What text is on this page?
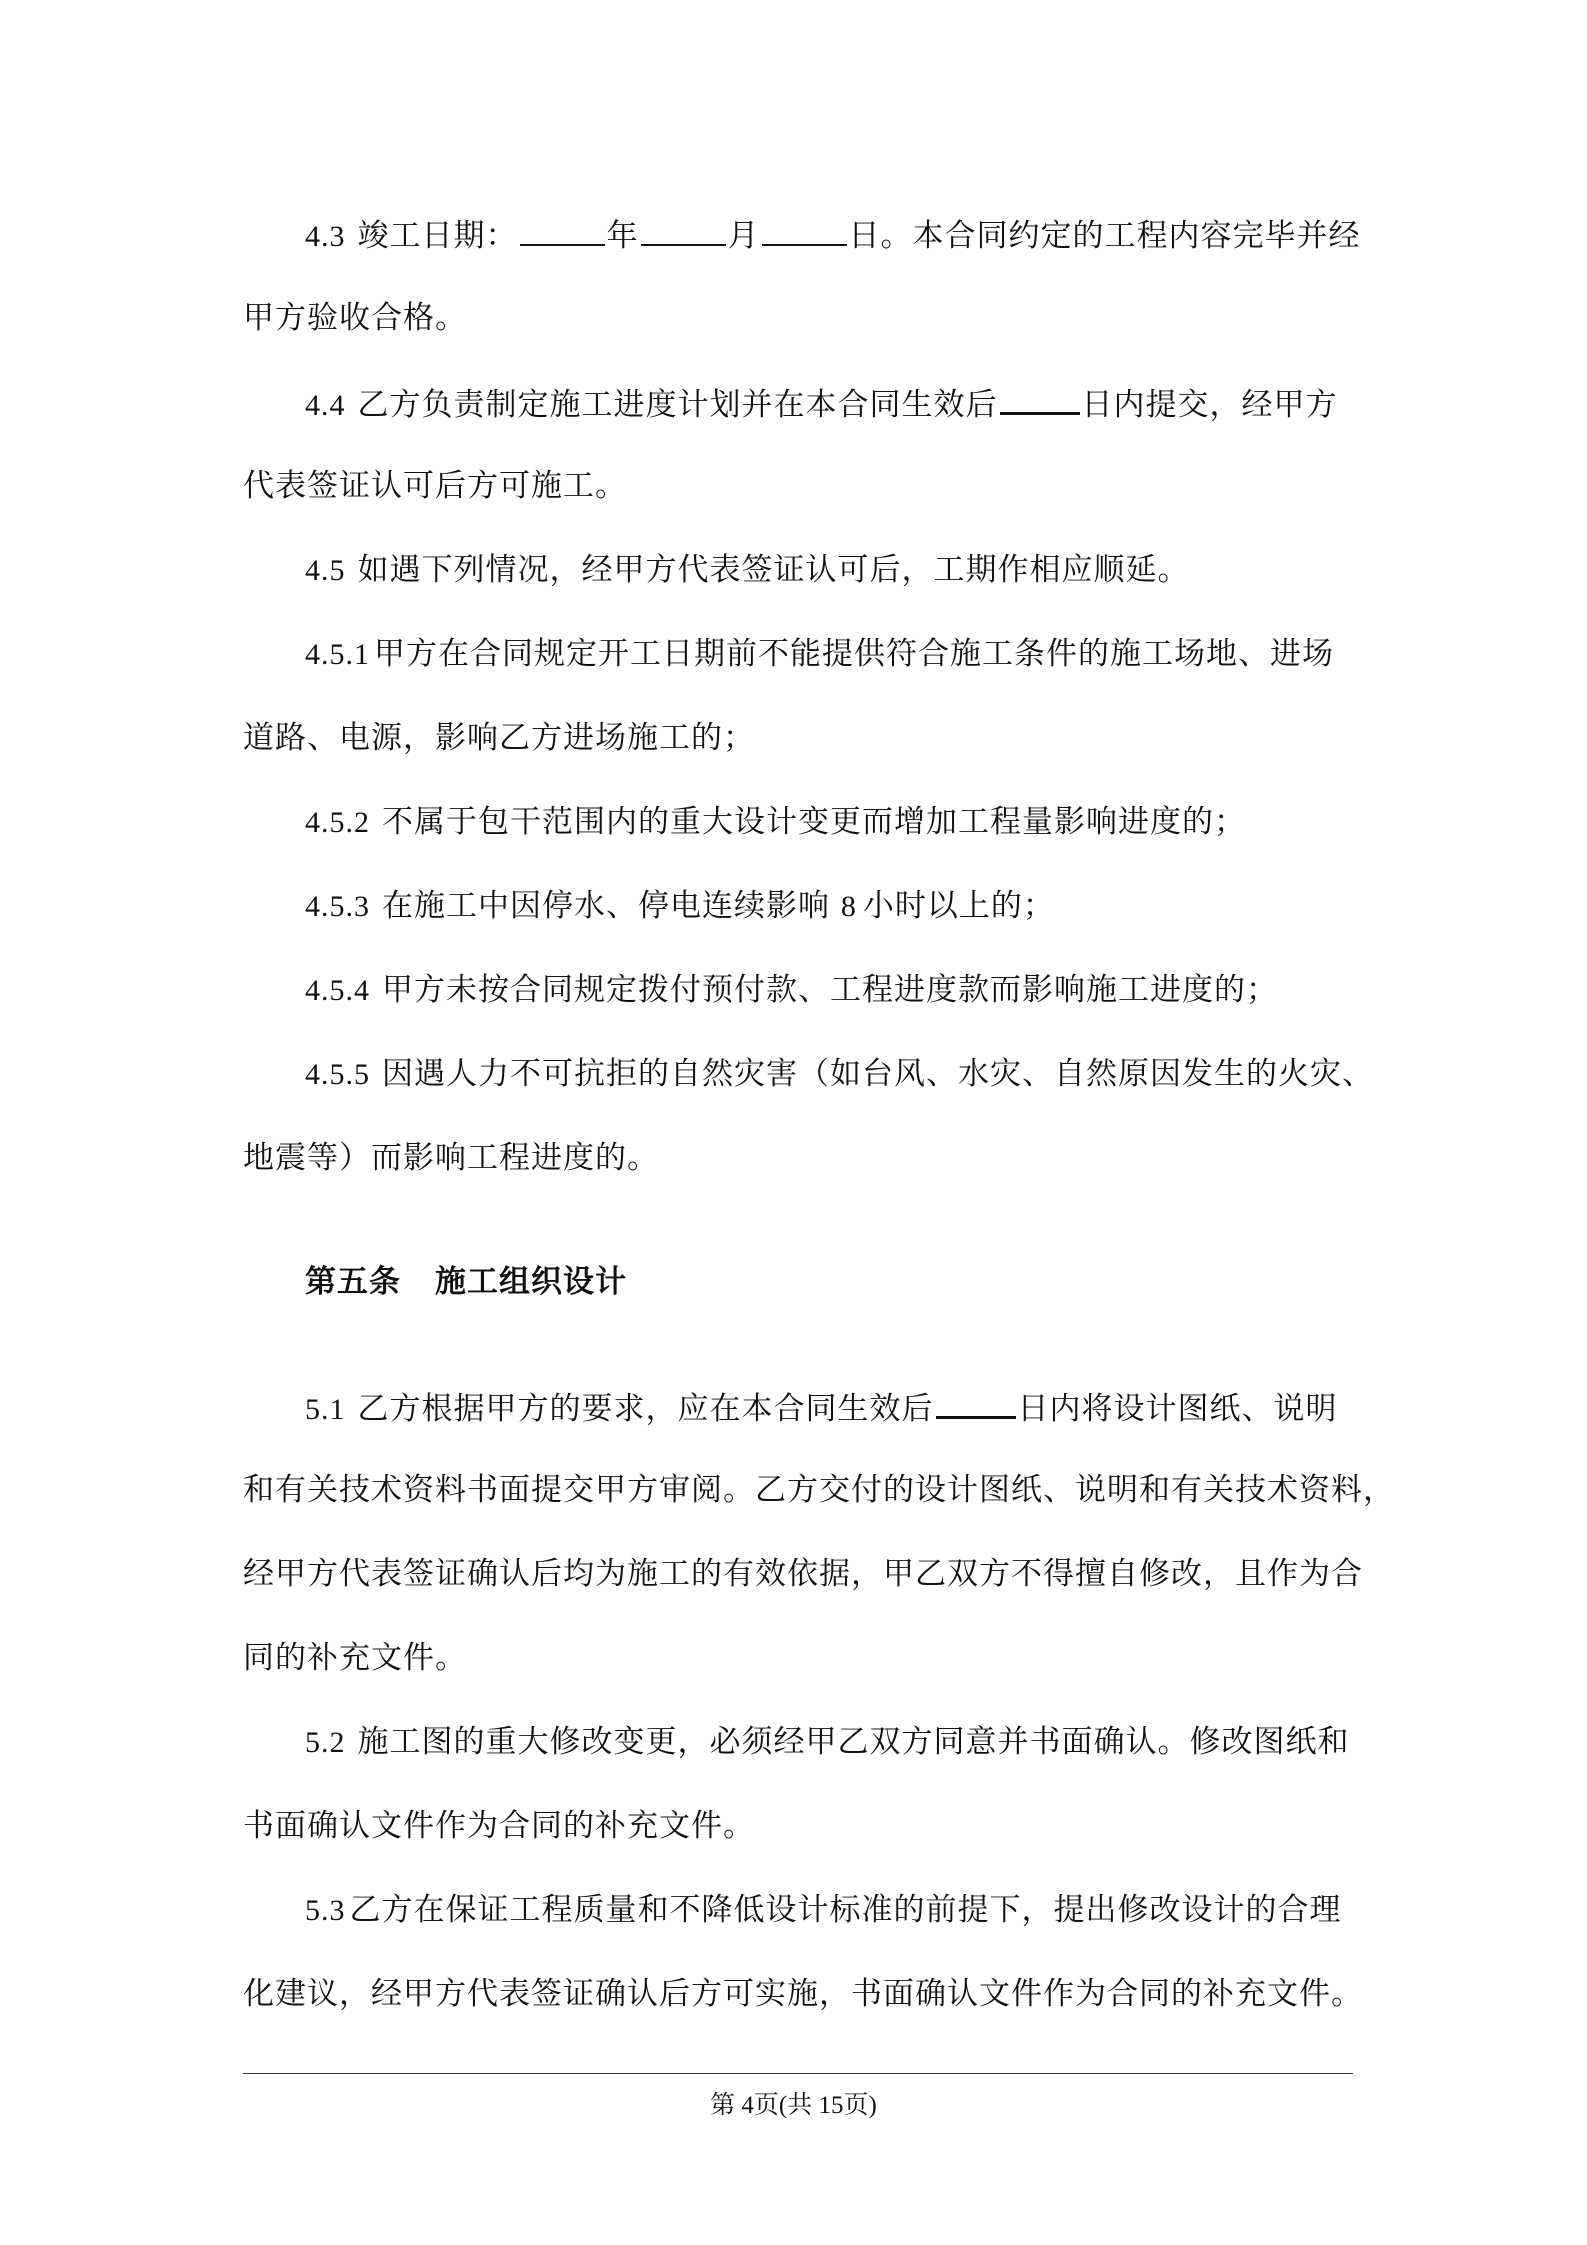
4.3 竣工日期：	年	月	日。本合同约定的工程内容完毕并经
甲方验收合格。
4.4 乙方负责制定施工进度计划并在本合同生效后	日内提交，经甲方
代表签证认可后方可施工。
4.5 如遇下列情况，经甲方代表签证认可后，工期作相应顺延。
4.5.1 甲方在合同规定开工日期前不能提供符合施工条件的施工场地、进场
道路、电源，影响乙方进场施工的；
4.5.2 不属于包干范围内的重大设计变更而增加工程量影响进度的；
4.5.3 在施工中因停水、停电连续影响 8 小时以上的；
4.5.4 甲方未按合同规定拨付预付款、工程进度款而影响施工进度的；
4.5.5 因遇人力不可抗拒的自然灾害（如台风、水灾、自然原因发生的火灾、
地震等）而影响工程进度的。
第五条 施工组织设计
5.1 乙方根据甲方的要求，应在本合同生效后	日内将设计图纸、说明
和有关技术资料书面提交甲方审阅。乙方交付的设计图纸、说明和有关技术资料，
经甲方代表签证确认后均为施工的有效依据，甲乙双方不得擅自修改，且作为合
同的补充文件。
5.2 施工图的重大修改变更，必须经甲乙双方同意并书面确认。修改图纸和
书面确认文件作为合同的补充文件。
5.3 乙方在保证工程质量和不降低设计标准的前提下，提出修改设计的合理
化建议，经甲方代表签证确认后方可实施，书面确认文件作为合同的补充文件。
第 4页(共 15页)
